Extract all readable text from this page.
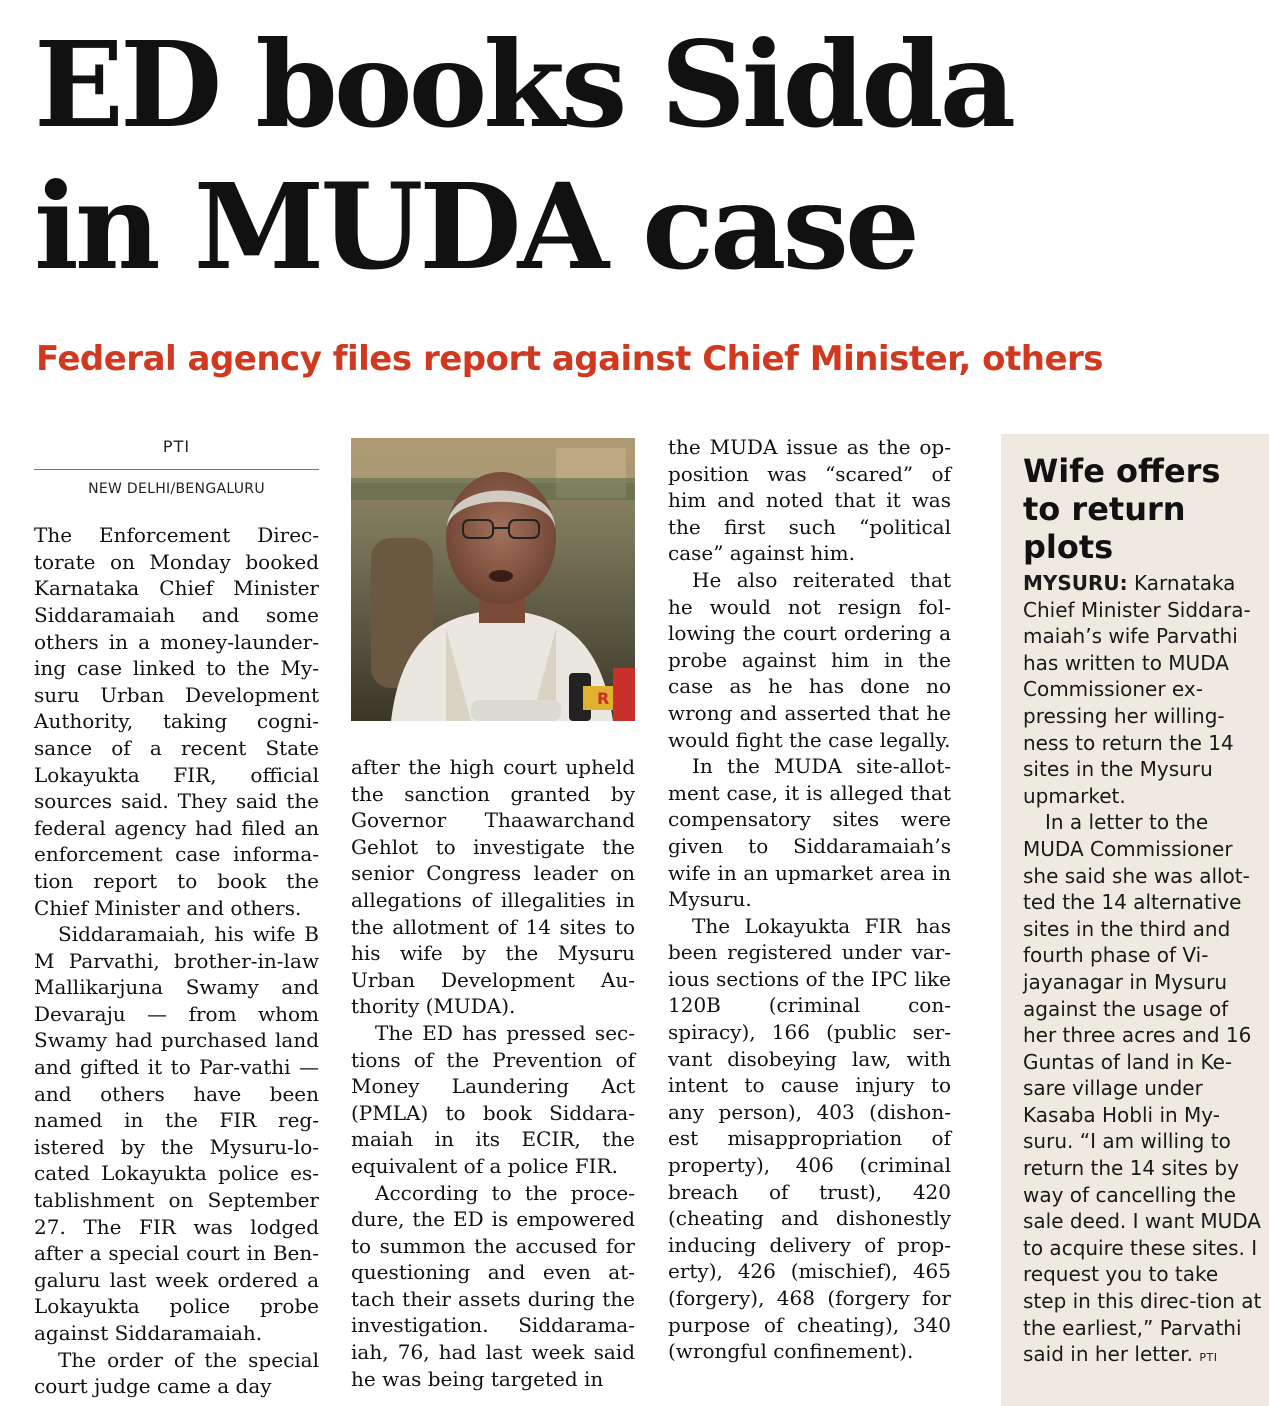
ED books Sidda
in MUDA case
Federal agency files report against Chief Minister, others
PTI
NEW DELHI/BENGALURU

The Enforcement Direc-torate on Monday booked Karnataka Chief Minister Siddaramaiah and some others in a money-launder-ing case linked to the My-suru Urban Development Authority, taking cogni-sance of a recent State Lokayukta FIR, official sources said. They said the federal agency had filed an enforcement case informa-tion report to book the Chief Minister and others.

Siddaramaiah, his wife B M Parvathi, brother-in-law Mallikarjuna Swamy and Devaraju — from whom Swamy had purchased land and gifted it to Par-vathi — and others have been named in the FIR reg-istered by the Mysuru-lo-cated Lokayukta police es-tablishment on September 27. The FIR was lodged after a special court in Ben-galuru last week ordered a Lokayukta police probe against Siddaramaiah.

The order of the special court judge came a day

R

after the high court upheld the sanction granted by Governor Thaawarchand Gehlot to investigate the senior Congress leader on allegations of illegalities in the allotment of 14 sites to his wife by the Mysuru Urban Development Au-thority (MUDA).

The ED has pressed sec-tions of the Prevention of Money Laundering Act (PMLA) to book Siddara-maiah in its ECIR, the equivalent of a police FIR.

According to the proce-dure, the ED is empowered to summon the accused for questioning and even at-tach their assets during the investigation. Siddarama-iah, 76, had last week said he was being targeted in

the MUDA issue as the op-position was “scared” of him and noted that it was the first such “political case” against him.

He also reiterated that he would not resign fol-lowing the court ordering a probe against him in the case as he has done no wrong and asserted that he would fight the case legally.

In the MUDA site-allot-ment case, it is alleged that compensatory sites were given to Siddaramaiah’s wife in an upmarket area in Mysuru.

The Lokayukta FIR has been registered under var-ious sections of the IPC like 120B (criminal con-spiracy), 166 (public ser-vant disobeying law, with intent to cause injury to any person), 403 (dishon-est misappropriation of property), 406 (criminal breach of trust), 420 (cheating and dishonestly inducing delivery of prop-erty), 426 (mischief), 465 (forgery), 468 (forgery for purpose of cheating), 340 (wrongful confinement).

Wife offers to return plots

MYSURU: Karnataka Chief Minister Siddara-maiah’s wife Parvathi has written to MUDA Commissioner ex-pressing her willing-ness to return the 14 sites in the Mysuru upmarket.

In a letter to the MUDA Commissioner she said she was allot-ted the 14 alternative sites in the third and fourth phase of Vi-jayanagar in Mysuru against the usage of her three acres and 16 Guntas of land in Ke-sare village under Kasaba Hobli in My-suru. “I am willing to return the 14 sites by way of cancelling the sale deed. I want MUDA to acquire these sites. I request you to take step in this direc-tion at the earliest,” Parvathi said in her letter. PTI
